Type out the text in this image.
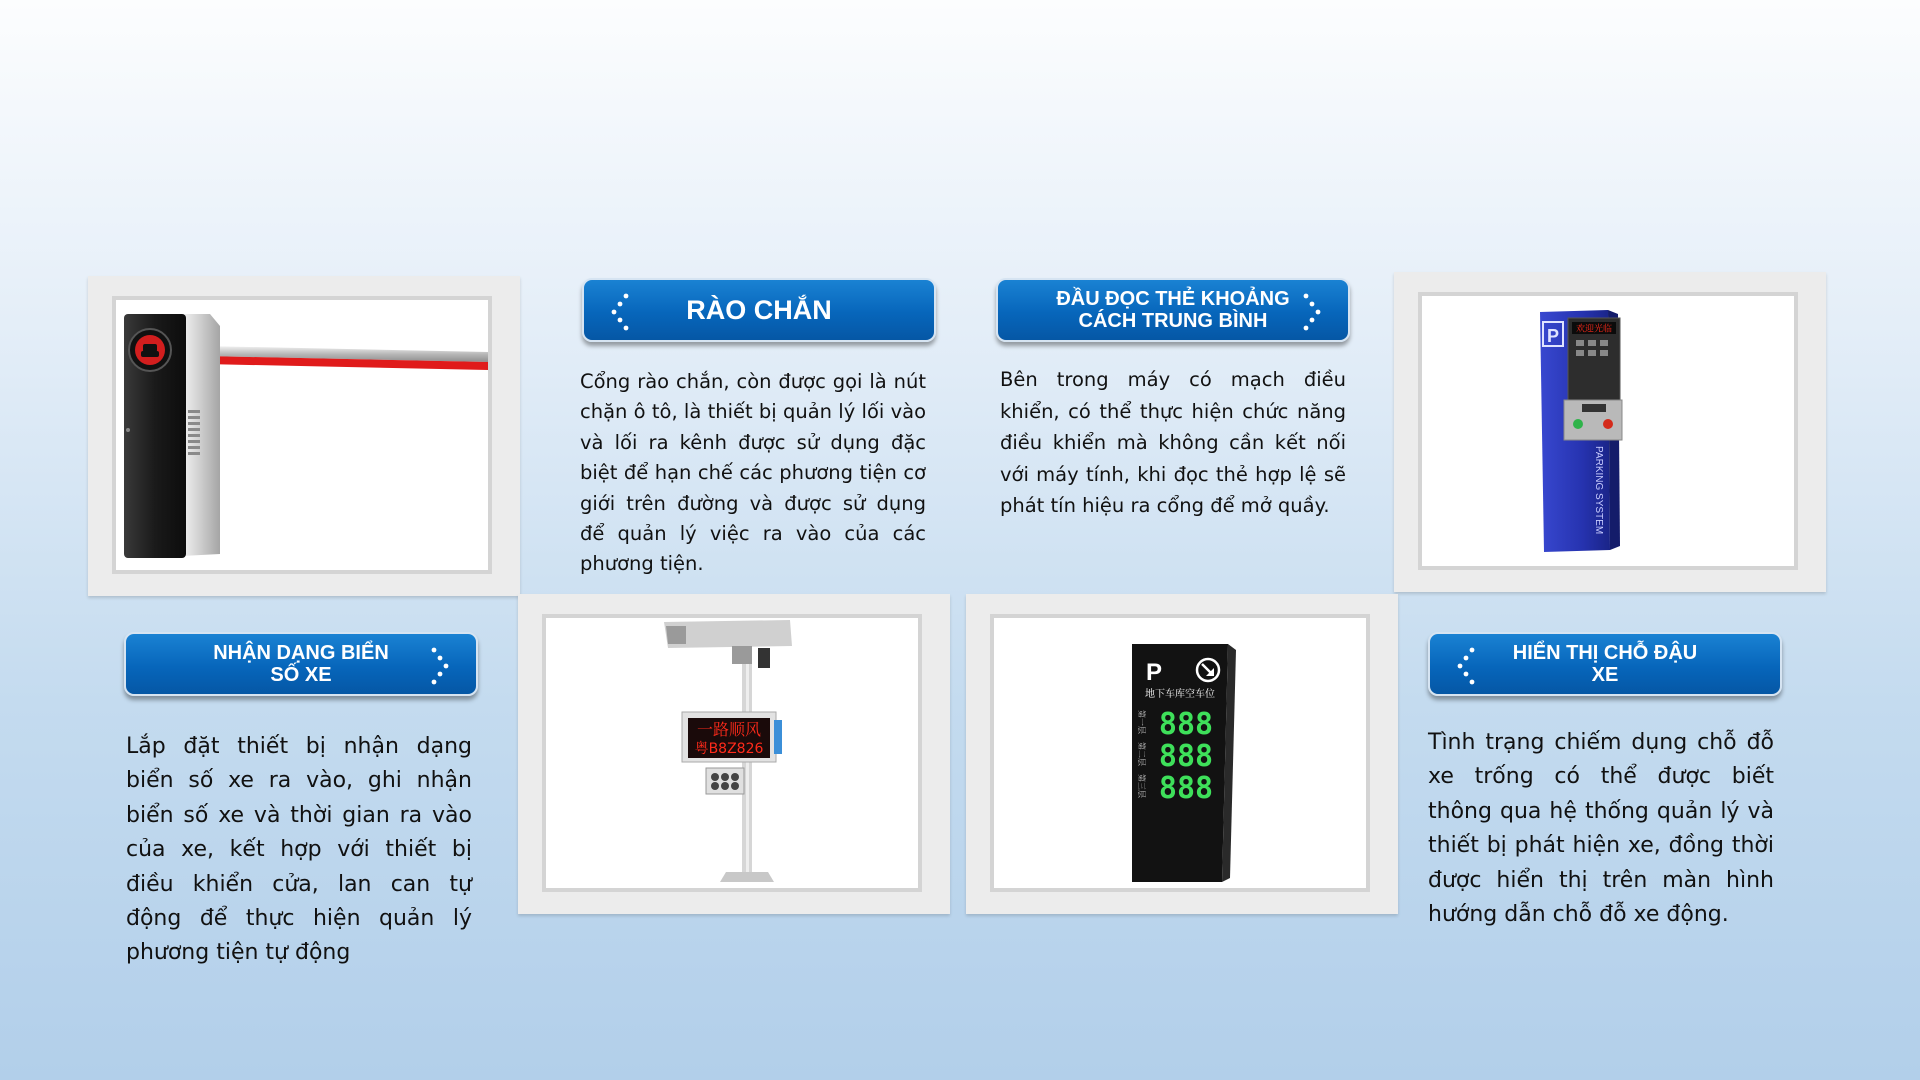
RÀO CHẮN
Cổng rào chắn, còn được gọi là nút chặn ô tô, là thiết bị quản lý lối vào và lối ra kênh được sử dụng đặc biệt để hạn chế các phương tiện cơ giới trên đường và được sử dụng để quản lý việc ra vào của các phương tiện.
ĐẦU ĐỌC THẺ KHOẢNG
CÁCH TRUNG BÌNH
Bên trong máy có mạch điều khiển, có thể thực hiện chức năng điều khiển mà không cần kết nối với máy tính, khi đọc thẻ hợp lệ sẽ phát tín hiệu ra cổng để mở quầy.
P 欢迎光临
PARKING SYSTEM
NHẬN DẠNG BIỂN
SỐ XE
Lắp đặt thiết bị nhận dạng biển số xe ra vào, ghi nhận biển số xe và thời gian ra vào của xe, kết hợp với thiết bị điều khiển cửa, lan can tự động để thực hiện quản lý phương tiện tự động
一路顺风
粤B8Z826
P
地下车库空车位
第一层
第二层
第三层
888
888
888
HIỂN THỊ CHỖ ĐẬU
XE
Tình trạng chiếm dụng chỗ đỗ xe trống có thể được biết thông qua hệ thống quản lý và thiết bị phát hiện xe, đồng thời được hiển thị trên màn hình hướng dẫn chỗ đỗ xe động.
